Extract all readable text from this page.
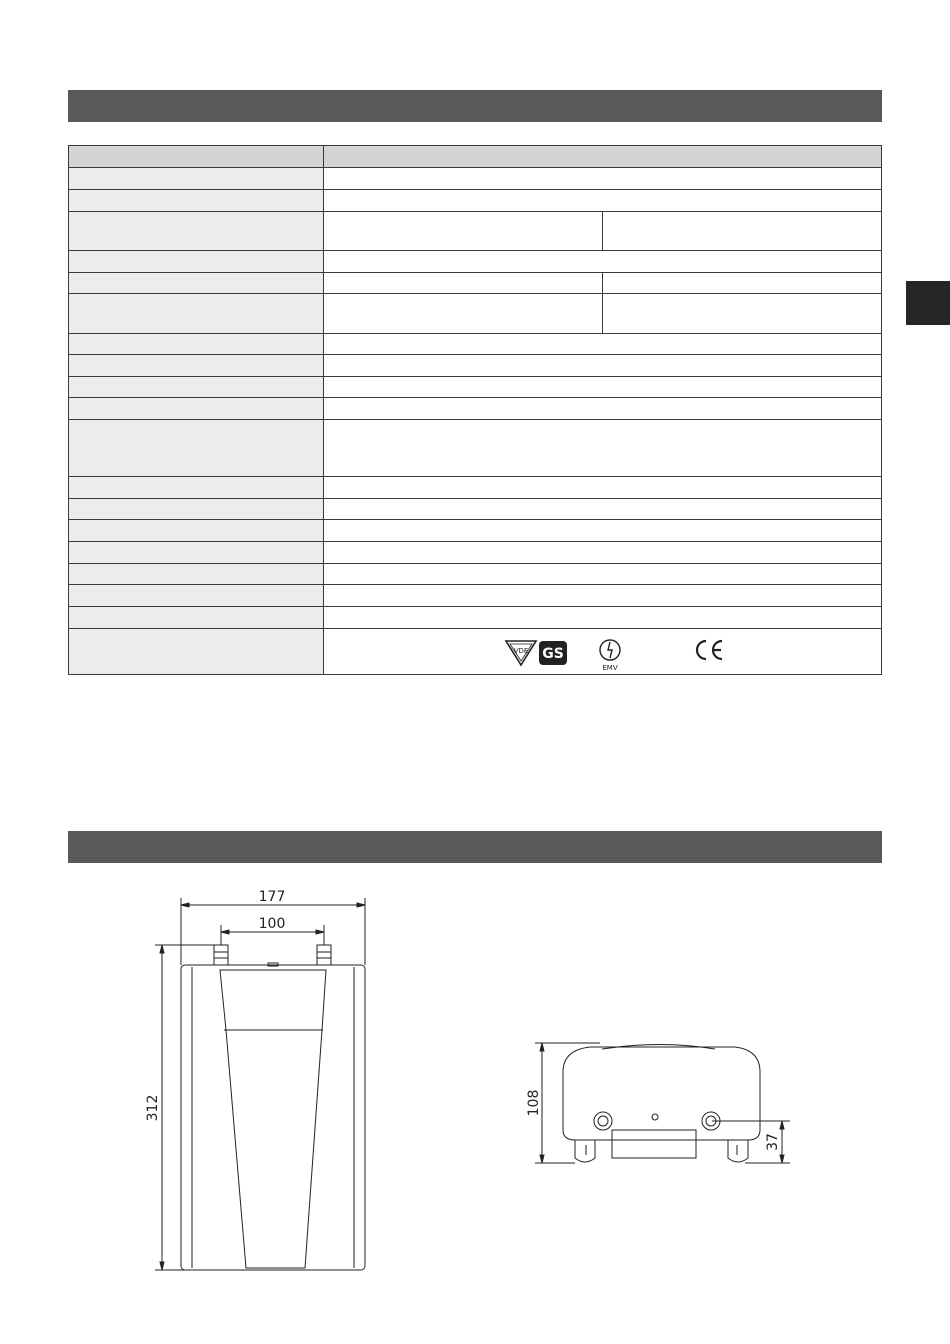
VDE GS
EMV	
177
100
312	108
37
